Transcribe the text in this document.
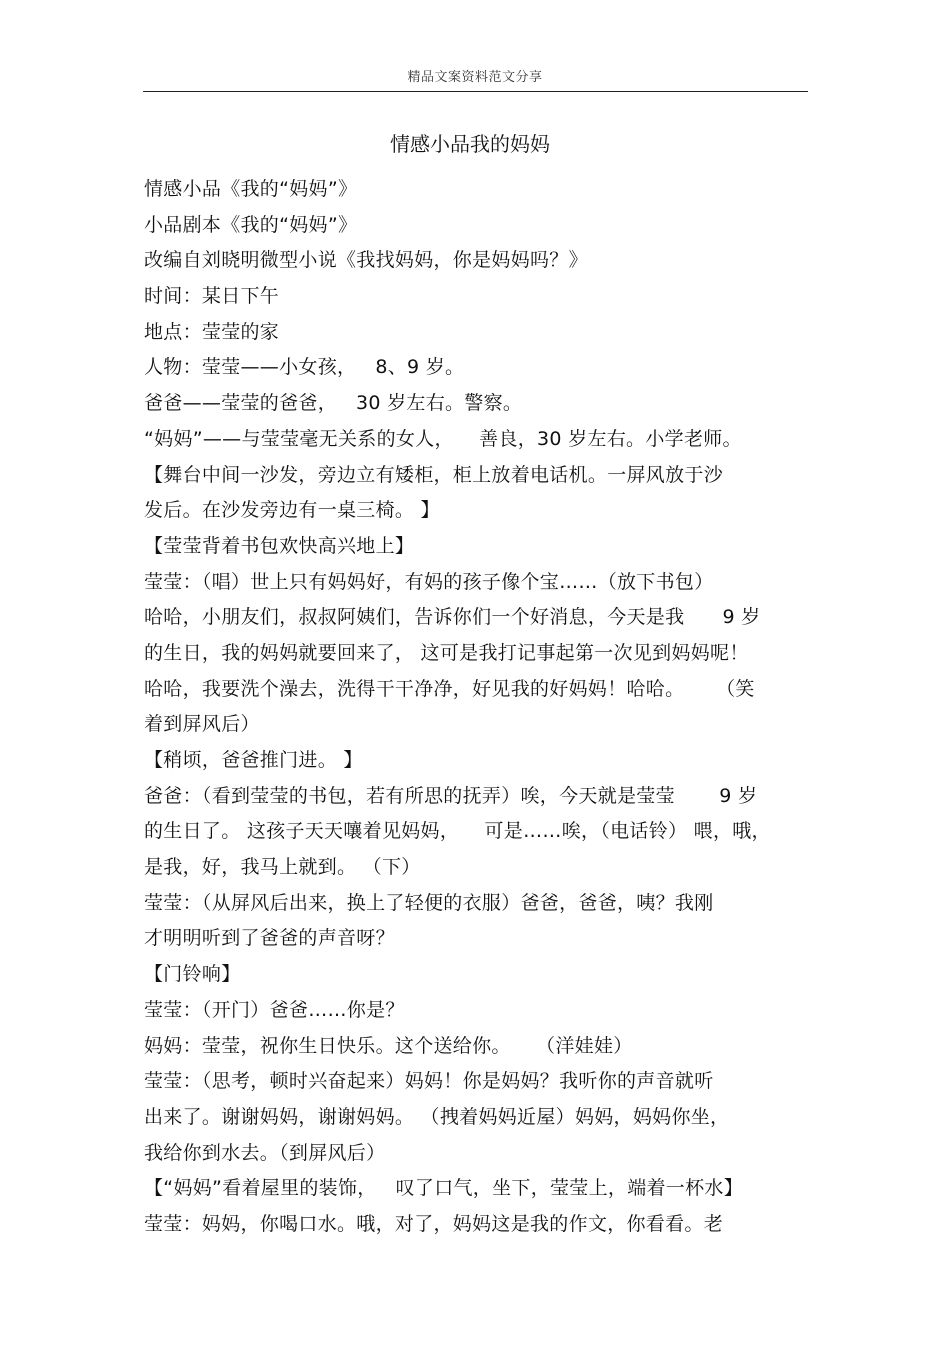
精品文案资料范文分享
情感小品我的妈妈
情感小品《我的“妈妈”》
小品剧本《我的“妈妈”》
改编自刘晓明微型小说《我找妈妈，你是妈妈吗？》
时间：某日下午
地点：莹莹的家
人物：莹莹——小女孩，   8、9 岁。
爸爸——莹莹的爸爸，   30 岁左右。警察。
“妈妈”——与莹莹毫无关系的女人，    善良，30 岁左右。小学老师。
【舞台中间一沙发，旁边立有矮柜，柜上放着电话机。一屏风放于沙
发后。在沙发旁边有一桌三椅。 】
【莹莹背着书包欢快高兴地上】
莹莹：（唱）世上只有妈妈好，有妈的孩子像个宝……（放下书包）
哈哈，小朋友们，叔叔阿姨们，告诉你们一个好消息，今天是我      9 岁
的生日，我的妈妈就要回来了， 这可是我打记事起第一次见到妈妈呢！
哈哈，我要洗个澡去，洗得干干净净，好见我的好妈妈！哈哈。     （笑
着到屏风后）
【稍顷，爸爸推门进。 】
爸爸：（看到莹莹的书包，若有所思的抚弄）唉，今天就是莹莹       9 岁
的生日了。 这孩子天天嚷着见妈妈，    可是……唉，（电话铃） 喂，哦，
是我，好，我马上就到。 （下）
莹莹：（从屏风后出来，换上了轻便的衣服）爸爸，爸爸，咦？我刚
才明明听到了爸爸的声音呀？
【门铃响】
莹莹：（开门）爸爸……你是？
妈妈：莹莹，祝你生日快乐。这个送给你。    （洋娃娃）
莹莹：（思考，顿时兴奋起来）妈妈！你是妈妈？我听你的声音就听
出来了。谢谢妈妈，谢谢妈妈。 （拽着妈妈近屋）妈妈，妈妈你坐，
我给你到水去。（到屏风后）
【“妈妈”看着屋里的装饰，   叹了口气，坐下，莹莹上，端着一杯水】
莹莹：妈妈，你喝口水。哦，对了，妈妈这是我的作文，你看看。老
